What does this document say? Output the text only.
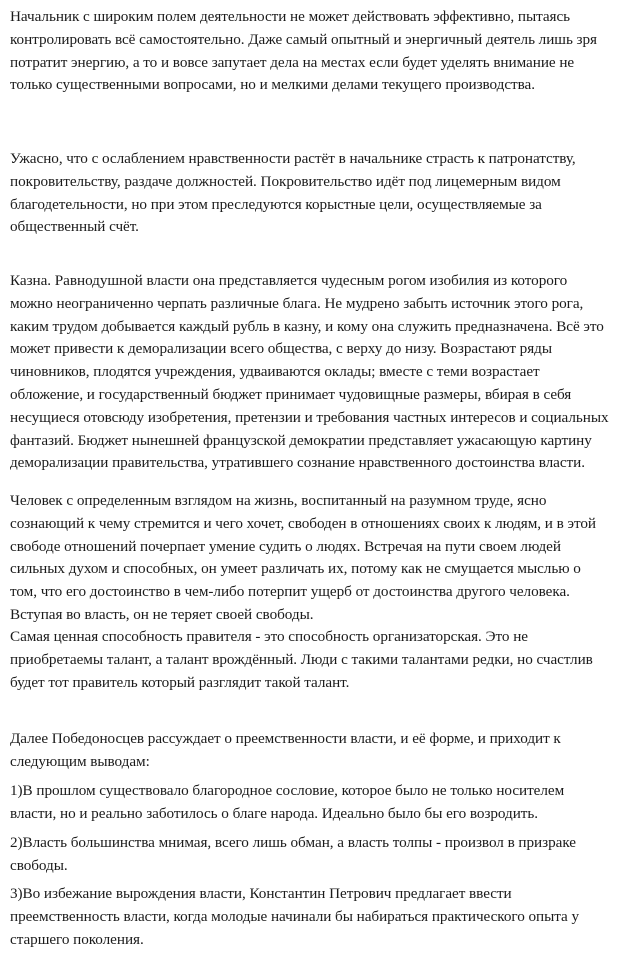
Начальник с широким полем деятельности не может действовать эффективно, пытаясь контролировать всё самостоятельно. Даже самый опытный и энергичный деятель лишь зря потратит энергию, а то и вовсе запутает дела на местах если будет уделять внимание не только существенными вопросами, но и мелкими делами текущего производства.

Ужасно, что с ослаблением нравственности растёт в начальнике страсть к патронатству, покровительству, раздаче должностей. Покровительство идёт под лицемерным видом благодетельности, но при этом преследуются корыстные цели, осуществляемые за общественный счёт.

Казна. Равнодушной власти она представляется чудесным рогом изобилия из которого можно неограниченно черпать различные блага. Не мудрено забыть источник этого рога, каким трудом добывается каждый рубль в казну, и кому она служить предназначена. Всё это может привести к деморализации всего общества, с верху до низу. Возрастают ряды чиновников, плодятся учреждения, удваиваются оклады; вместе с теми возрастает обложение, и государственный бюджет принимает чудовищные размеры, вбирая в себя несущиеся отовсюду изобретения, претензии и требования частных интересов и социальных фантазий. Бюджет нынешней французской демократии представляет ужасающую картину деморализации правительства, утратившего сознание нравственного достоинства власти.

Человек с определенным взглядом на жизнь, воспитанный на разумном труде, ясно сознающий к чему стремится и чего хочет, свободен в отношениях своих к людям, и в этой свободе отношений почерпает умение судить о людях. Встречая на пути своем людей сильных духом и способных, он умеет различать их, потому как не смущается мыслью о том, что его достоинство в чем-либо потерпит ущерб от достоинства другого человека. Вступая во власть, он не теряет своей свободы.

Самая ценная способность правителя - это способность организаторская. Это не приобретаемы талант, а талант врождённый. Люди с такими талантами редки, но счастлив будет тот правитель который разглядит такой талант.

Далее Победоносцев рассуждает о преемственности власти, и её форме, и приходит к следующим выводам:

1)В прошлом существовало благородное сословие, которое было не только носителем власти, но и реально заботилось о благе народа. Идеально было бы его возродить.

2)Власть большинства мнимая, всего лишь обман, а власть толпы - произвол в призраке свободы.

3)Во избежание вырождения власти, Константин Петрович предлагает ввести преемственность власти, когда молодые начинали бы набираться практического опыта у старшего поколения.
